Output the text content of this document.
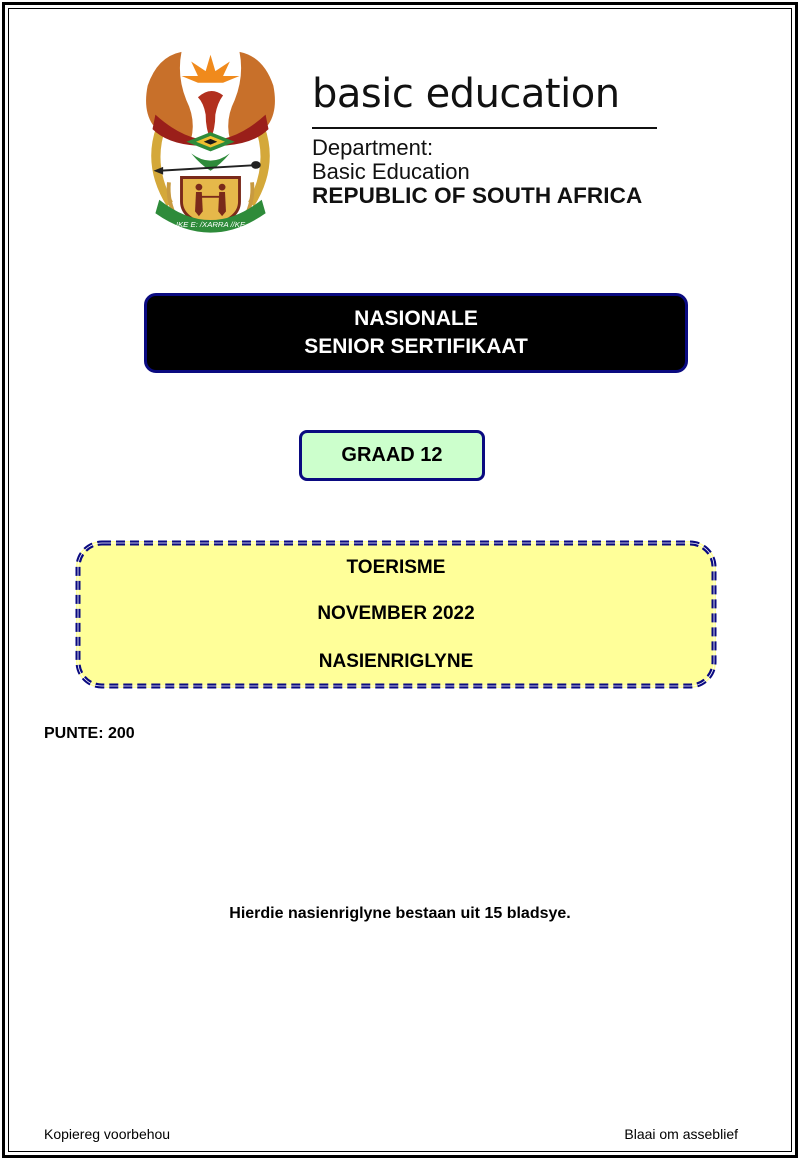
!KE E: /XARRA //KE
basic education
Department:
Basic Education
REPUBLIC OF SOUTH AFRICA
NASIONALE
SENIOR SERTIFIKAAT
GRAAD 12
TOERISME
NOVEMBER 2022
NASIENRIGLYNE
PUNTE: 200
Hierdie nasienriglyne bestaan uit 15 bladsye.
Kopiereg voorbehou	Blaai om asseblief
